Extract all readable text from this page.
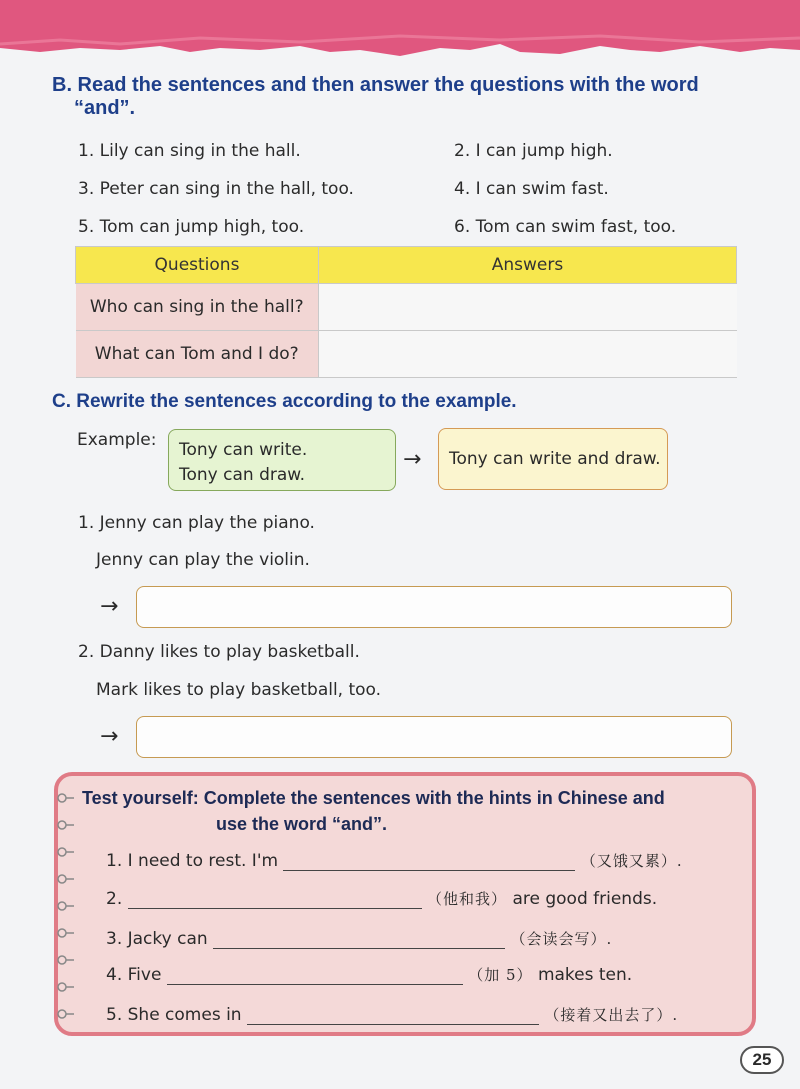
B. Read the sentences and then answer the questions with the word
“and”.
1. Lily can sing in the hall.	2. I can jump high.
3. Peter can sing in the hall, too.	4. I can swim fast.
5. Tom can jump high, too.	6. Tom can swim fast, too.
Questions	Answers
Who can sing in the hall?	
What can Tom and I do?	
C. Rewrite the sentences according to the example.
Example: Tony can write.
Tony can draw.
→ Tony can write and draw.
1. Jenny can play the piano.
Jenny can play the violin.
→
2. Danny likes to play basketball.
Mark likes to play basketball, too.
→
Test yourself: Complete the sentences with the hints in Chinese and
use the word “and”.
1. I need to rest. I'm	（又饿又累）.
2.	（他和我） are good friends.
3. Jacky can	（会读会写）.
4. Five	（加 5） makes ten.
5. She comes in	（接着又出去了）.
25
